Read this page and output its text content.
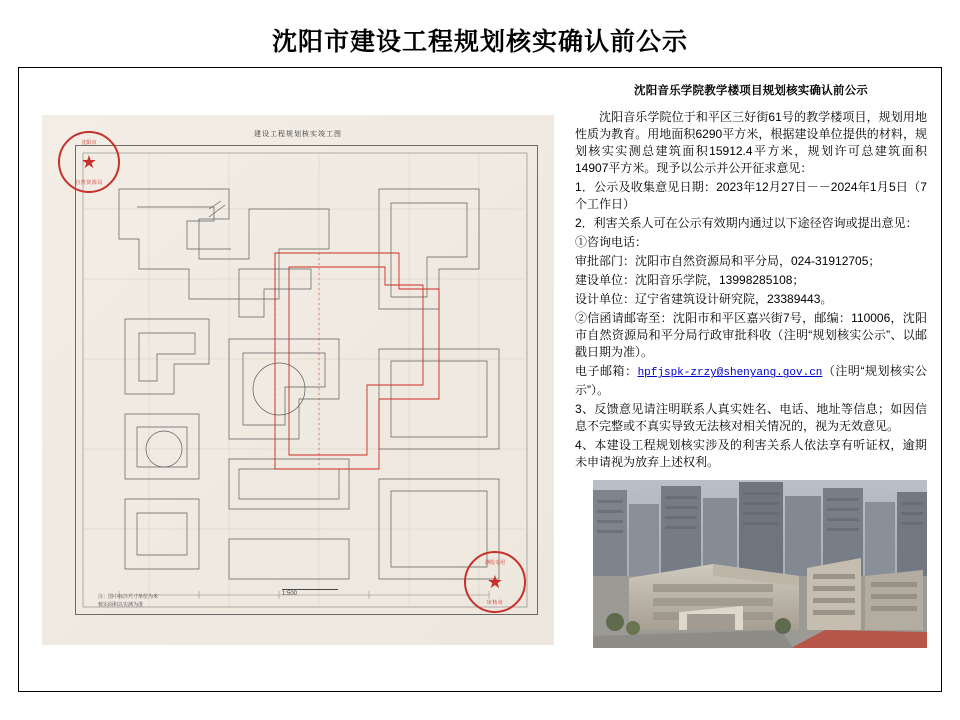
沈阳市建设工程规划核实确认前公示
建设工程规划核实竣工图
沈阳市
★
自然资源局
测绘专用
★
审核章
1:500
注：图中标注尺寸单位为米
核实面积以实测为准
沈阳音乐学院教学楼项目规划核实确认前公示

沈阳音乐学院位于和平区三好街61号的教学楼项目，规划用地性质为教育。用地面积6290平方米，根据建设单位提供的材料，规划核实实测总建筑面积15912.4平方米，规划许可总建筑面积14907平方米。现予以公示并公开征求意见：

1．公示及收集意见日期：2023年12月27日－－2024年1月5日（7个工作日）

2．利害关系人可在公示有效期内通过以下途径咨询或提出意见：

①咨询电话：

审批部门：沈阳市自然资源局和平分局，024-31912705；

建设单位：沈阳音乐学院，13998285108；

设计单位：辽宁省建筑设计研究院，23389443。

②信函请邮寄至：沈阳市和平区嘉兴街7号，邮编：110006，沈阳市自然资源局和平分局行政审批科收（注明“规划核实公示”、以邮戳日期为准）。

电子邮箱：hpfjspk-zrzy@shenyang.gov.cn（注明“规划核实公示”）。

3、反馈意见请注明联系人真实姓名、电话、地址等信息；如因信息不完整或不真实导致无法核对相关情况的，视为无效意见。

4、本建设工程规划核实涉及的利害关系人依法享有听证权，逾期未申请视为放弃上述权利。
